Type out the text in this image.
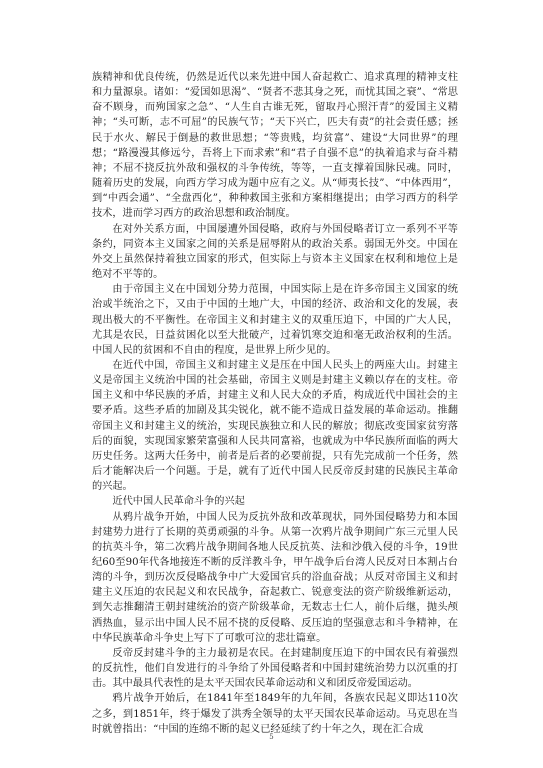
族精神和优良传统，仍然是近代以来先进中国人奋起救亡、追求真理的精神支柱和力量源泉。诸如：“爱国如思渴”、“贤者不悲其身之死，而忧其国之衰”、“常思奋不顾身，而殉国家之急”、“人生自古谁无死，留取丹心照汗青”的爱国主义精神；“头可断，志不可屈”的民族气节；“天下兴亡，匹夫有责”的社会责任感；拯民于水火、解民于倒悬的救世思想；“等贵贱，均贫富”、建设“大同世界”的理想；“路漫漫其修远兮，吾将上下而求索”和“君子自强不息”的执着追求与奋斗精神；不屈不挠反抗外敌和强权的斗争传统，等等，一直支撑着国脉民魂。同时，随着历史的发展，向西方学习成为题中应有之义。从“师夷长技”、“中体西用”，到“中西会通”、“全盘西化”，种种救国主张和方案相继提出；由学习西方的科学技术，进而学习西方的政治思想和政治制度。

在对外关系方面，中国屡遭外国侵略，政府与外国侵略者订立一系列不平等条约，同资本主义国家之间的关系是屈辱附从的政治关系。弱国无外交。中国在外交上虽然保持着独立国家的形式，但实际上与资本主义国家在权利和地位上是绝对不平等的。

由于帝国主义在中国划分势力范围，中国实际上是在许多帝国主义国家的统治或半统治之下，又由于中国的土地广大，中国的经济、政治和文化的发展，表现出极大的不平衡性。在帝国主义和封建主义的双重压迫下，中国的广大人民，尤其是农民，日益贫困化以至大批破产，过着饥寒交迫和毫无政治权利的生活。中国人民的贫困和不自由的程度，是世界上所少见的。

在近代中国，帝国主义和封建主义是压在中国人民头上的两座大山。封建主义是帝国主义统治中国的社会基础，帝国主义则是封建主义赖以存在的支柱。帝国主义和中华民族的矛盾，封建主义和人民大众的矛盾，构成近代中国社会的主要矛盾。这些矛盾的加剧及其尖锐化，就不能不造成日益发展的革命运动。推翻帝国主义和封建主义的统治，实现民族独立和人民的解放；彻底改变国家贫穷落后的面貌，实现国家繁荣富强和人民共同富裕，也就成为中华民族所面临的两大历史任务。这两大任务中，前者是后者的必要前提，只有先完成前一个任务，然后才能解决后一个问题。于是，就有了近代中国人民反帝反封建的民族民主革命的兴起。

近代中国人民革命斗争的兴起

从鸦片战争开始，中国人民为反抗外敌和改革现状，同外国侵略势力和本国封建势力进行了长期的英勇顽强的斗争。从第一次鸦片战争期间广东三元里人民的抗英斗争，第二次鸦片战争期间各地人民反抗英、法和沙俄入侵的斗争，19世纪60至90年代各地接连不断的反洋教斗争，甲午战争后台湾人民反对日本割占台湾的斗争，到历次反侵略战争中广大爱国官兵的浴血奋战；从反对帝国主义和封建主义压迫的农民起义和农民战争，奋起救亡、锐意变法的资产阶级维新运动，到矢志推翻清王朝封建统治的资产阶级革命，无数志士仁人，前仆后继，抛头颅洒热血，显示出中国人民不屈不挠的反侵略、反压迫的坚强意志和斗争精神，在中华民族革命斗争史上写下了可歌可泣的悲壮篇章。

反帝反封建斗争的主力最初是农民。在封建制度压迫下的中国农民有着强烈的反抗性，他们自发进行的斗争给了外国侵略者和中国封建统治势力以沉重的打击。其中最具代表性的是太平天国农民革命运动和义和团反帝爱国运动。

鸦片战争开始后，在1841年至1849年的九年间，各族农民起义即达110次之多，到1851年，终于爆发了洪秀全领导的太平天国农民革命运动。马克思在当时就曾指出：“中国的连绵不断的起义已经延续了约十年之久，现在汇合成

5
